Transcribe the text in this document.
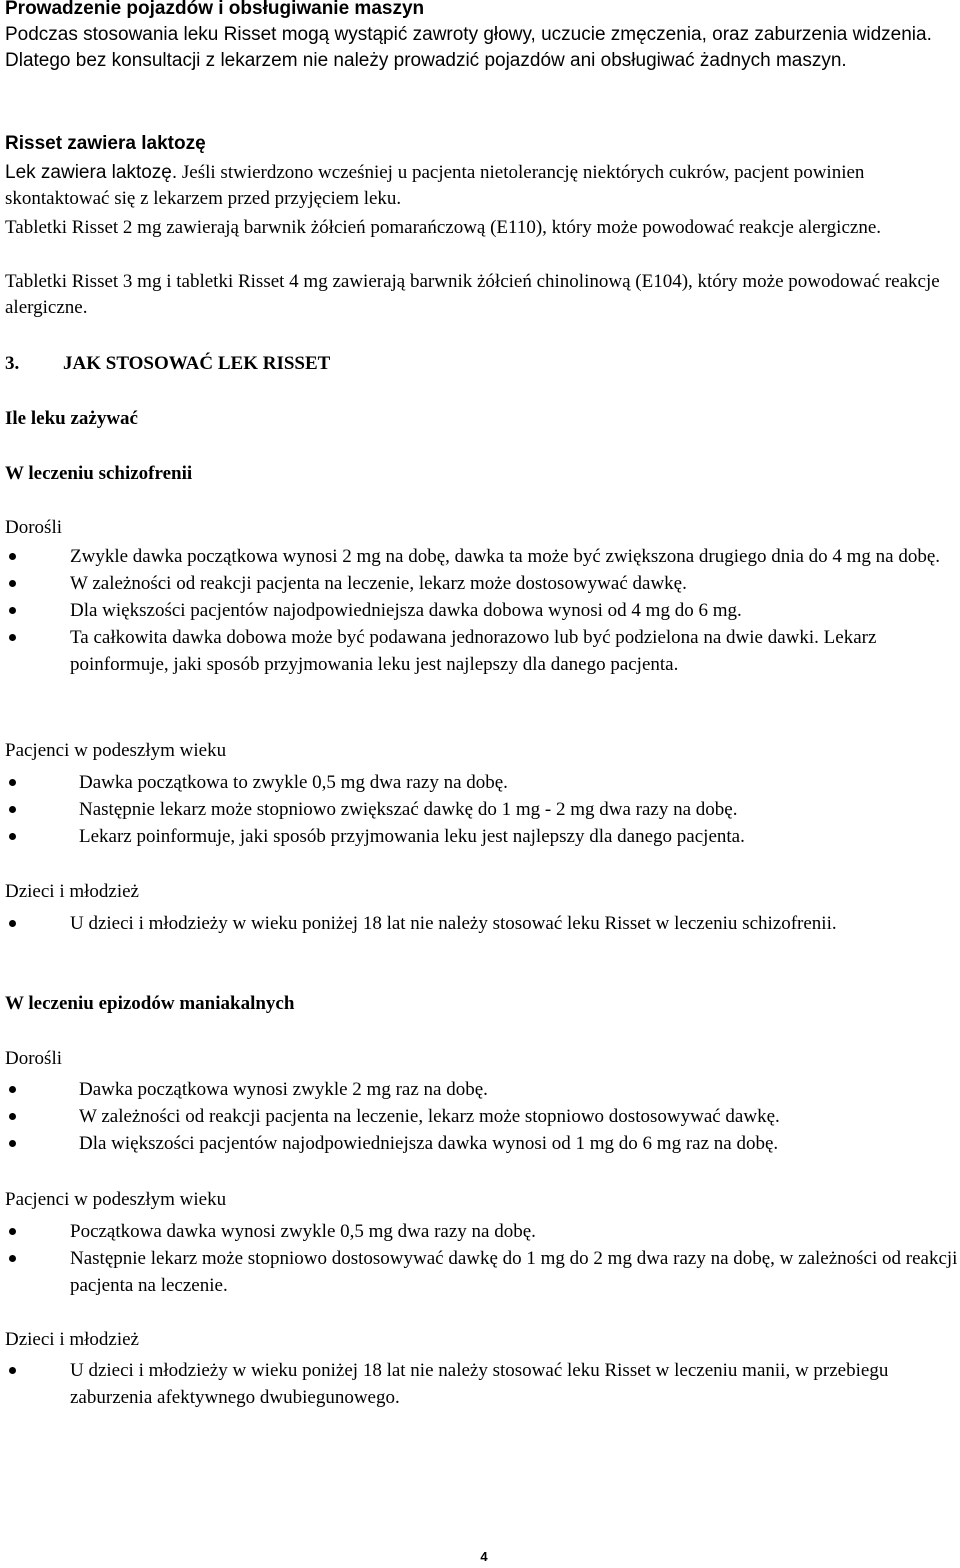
Prowadzenie pojazdów i obsługiwanie maszyn
Podczas stosowania leku Risset mogą wystąpić zawroty głowy, uczucie zmęczenia, oraz zaburzenia widzenia. Dlatego bez konsultacji z lekarzem nie należy prowadzić pojazdów ani obsługiwać żadnych maszyn.
Risset zawiera laktozę
Lek zawiera laktozę. Jeśli stwierdzono wcześniej u pacjenta nietolerancję niektórych cukrów, pacjent powinien skontaktować się z lekarzem przed przyjęciem leku.
Tabletki Risset 2 mg zawierają barwnik żółcień pomarańczową (E110), który może powodować reakcje alergiczne.
Tabletki Risset 3 mg i tabletki Risset 4 mg zawierają barwnik żółcień chinolinową (E104), który może powodować reakcje alergiczne.
3. JAK STOSOWAĆ LEK RISSET
Ile leku zażywać
W leczeniu schizofrenii
Dorośli
Zwykle dawka początkowa wynosi 2 mg na dobę, dawka ta może być zwiększona drugiego dnia do 4 mg na dobę.
W zależności od reakcji pacjenta na leczenie, lekarz może dostosowywać dawkę.
Dla większości pacjentów najodpowiedniejsza dawka dobowa wynosi od 4 mg do 6 mg.
Ta całkowita dawka dobowa może być podawana jednorazowo lub być podzielona na dwie dawki. Lekarz poinformuje, jaki sposób przyjmowania leku jest najlepszy dla danego pacjenta.
Pacjenci w podeszłym wieku
Dawka początkowa to zwykle 0,5 mg dwa razy na dobę.
Następnie lekarz może stopniowo zwiększać dawkę do 1 mg - 2 mg dwa razy na dobę.
Lekarz poinformuje, jaki sposób przyjmowania leku jest najlepszy dla danego pacjenta.
Dzieci i młodzież
U dzieci i młodzieży w wieku poniżej 18 lat nie należy stosować leku Risset w leczeniu schizofrenii.
W leczeniu epizodów maniakalnych
Dorośli
Dawka początkowa wynosi zwykle 2 mg raz na dobę.
W zależności od reakcji pacjenta na leczenie, lekarz może stopniowo dostosowywać dawkę.
Dla większości pacjentów najodpowiedniejsza dawka wynosi od 1 mg do 6 mg raz na dobę.
Pacjenci w podeszłym wieku
Początkowa dawka wynosi zwykle 0,5 mg dwa razy na dobę.
Następnie lekarz może stopniowo dostosowywać dawkę do 1 mg do 2 mg dwa razy na dobę, w zależności od reakcji pacjenta na leczenie.
Dzieci i młodzież
U dzieci i młodzieży w wieku poniżej 18 lat nie należy stosować leku Risset w leczeniu manii, w przebiegu zaburzenia afektywnego dwubiegunowego.
4
